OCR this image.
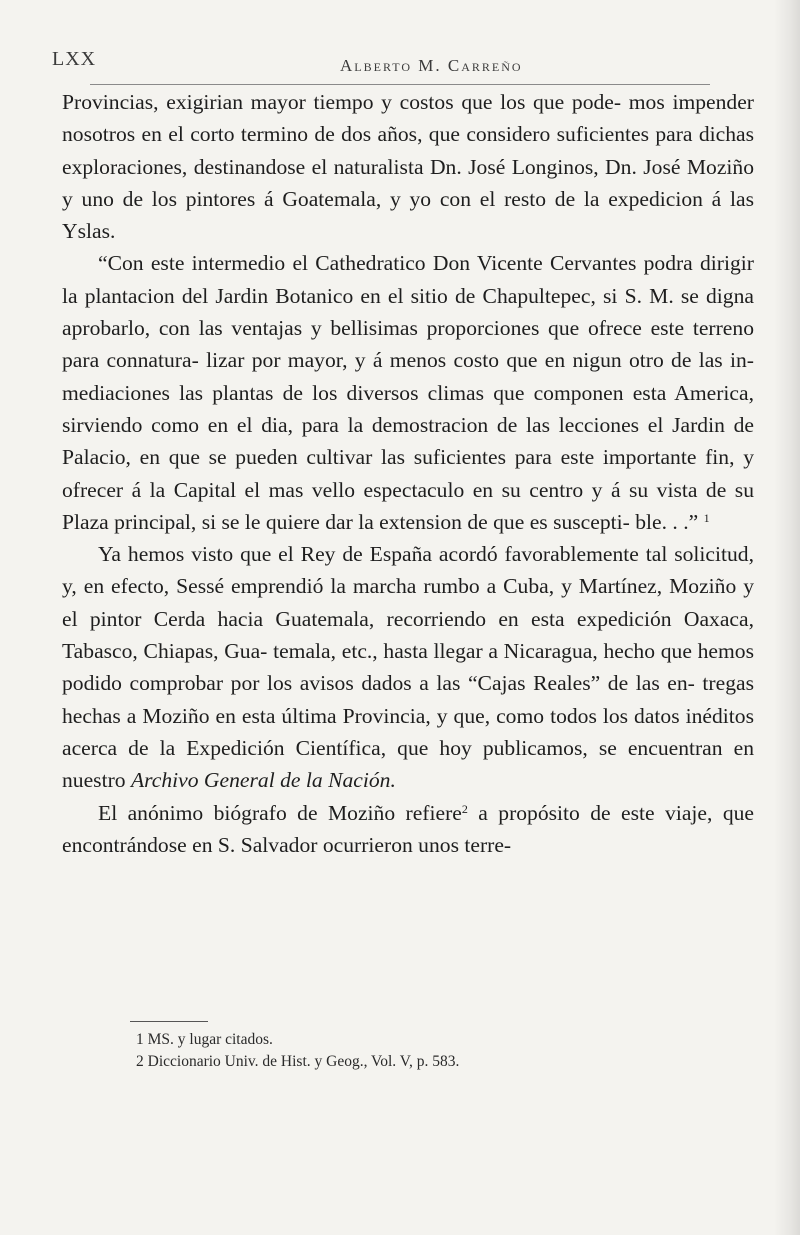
LXX	Alberto M. Carreño

Provincias, exigirian mayor tiempo y costos que los que pode- mos impender nosotros en el corto termino de dos años, que considero suficientes para dichas exploraciones, destinandose el naturalista Dn. José Longinos, Dn. José Moziño y uno de los pintores á Goatemala, y yo con el resto de la expedicion á las Yslas.

“Con este intermedio el Cathedratico Don Vicente Cervantes podra dirigir la plantacion del Jardin Botanico en el sitio de Chapultepec, si S. M. se digna aprobarlo, con las ventajas y bellisimas proporciones que ofrece este terreno para connatura- lizar por mayor, y á menos costo que en nigun otro de las in- mediaciones las plantas de los diversos climas que componen esta America, sirviendo como en el dia, para la demostracion de las lecciones el Jardin de Palacio, en que se pueden cultivar las suficientes para este importante fin, y ofrecer á la Capital el mas vello espectaculo en su centro y á su vista de su Plaza principal, si se le quiere dar la extension de que es suscepti- ble. . .” $^1$

Ya hemos visto que el Rey de España acordó favorablemente tal solicitud, y, en efecto, Sessé emprendió la marcha rumbo a Cuba, y Martínez, Moziño y el pintor Cerda hacia Guatemala, recorriendo en esta expedición Oaxaca, Tabasco, Chiapas, Gua- temala, etc., hasta llegar a Nicaragua, hecho que hemos podido comprobar por los avisos dados a las “Cajas Reales” de las en- tregas hechas a Moziño en esta última Provincia, y que, como todos los datos inéditos acerca de la Expedición Científica, que hoy publicamos, se encuentran en nuestro Archivo General de la Nación.

El anónimo biógrafo de Moziño refiere$^2$ a propósito de este viaje, que encontrándose en S. Salvador ocurrieron unos terre-

1 MS. y lugar citados.

2 Diccionario Univ. de Hist. y Geog., Vol. V, p. 583.
